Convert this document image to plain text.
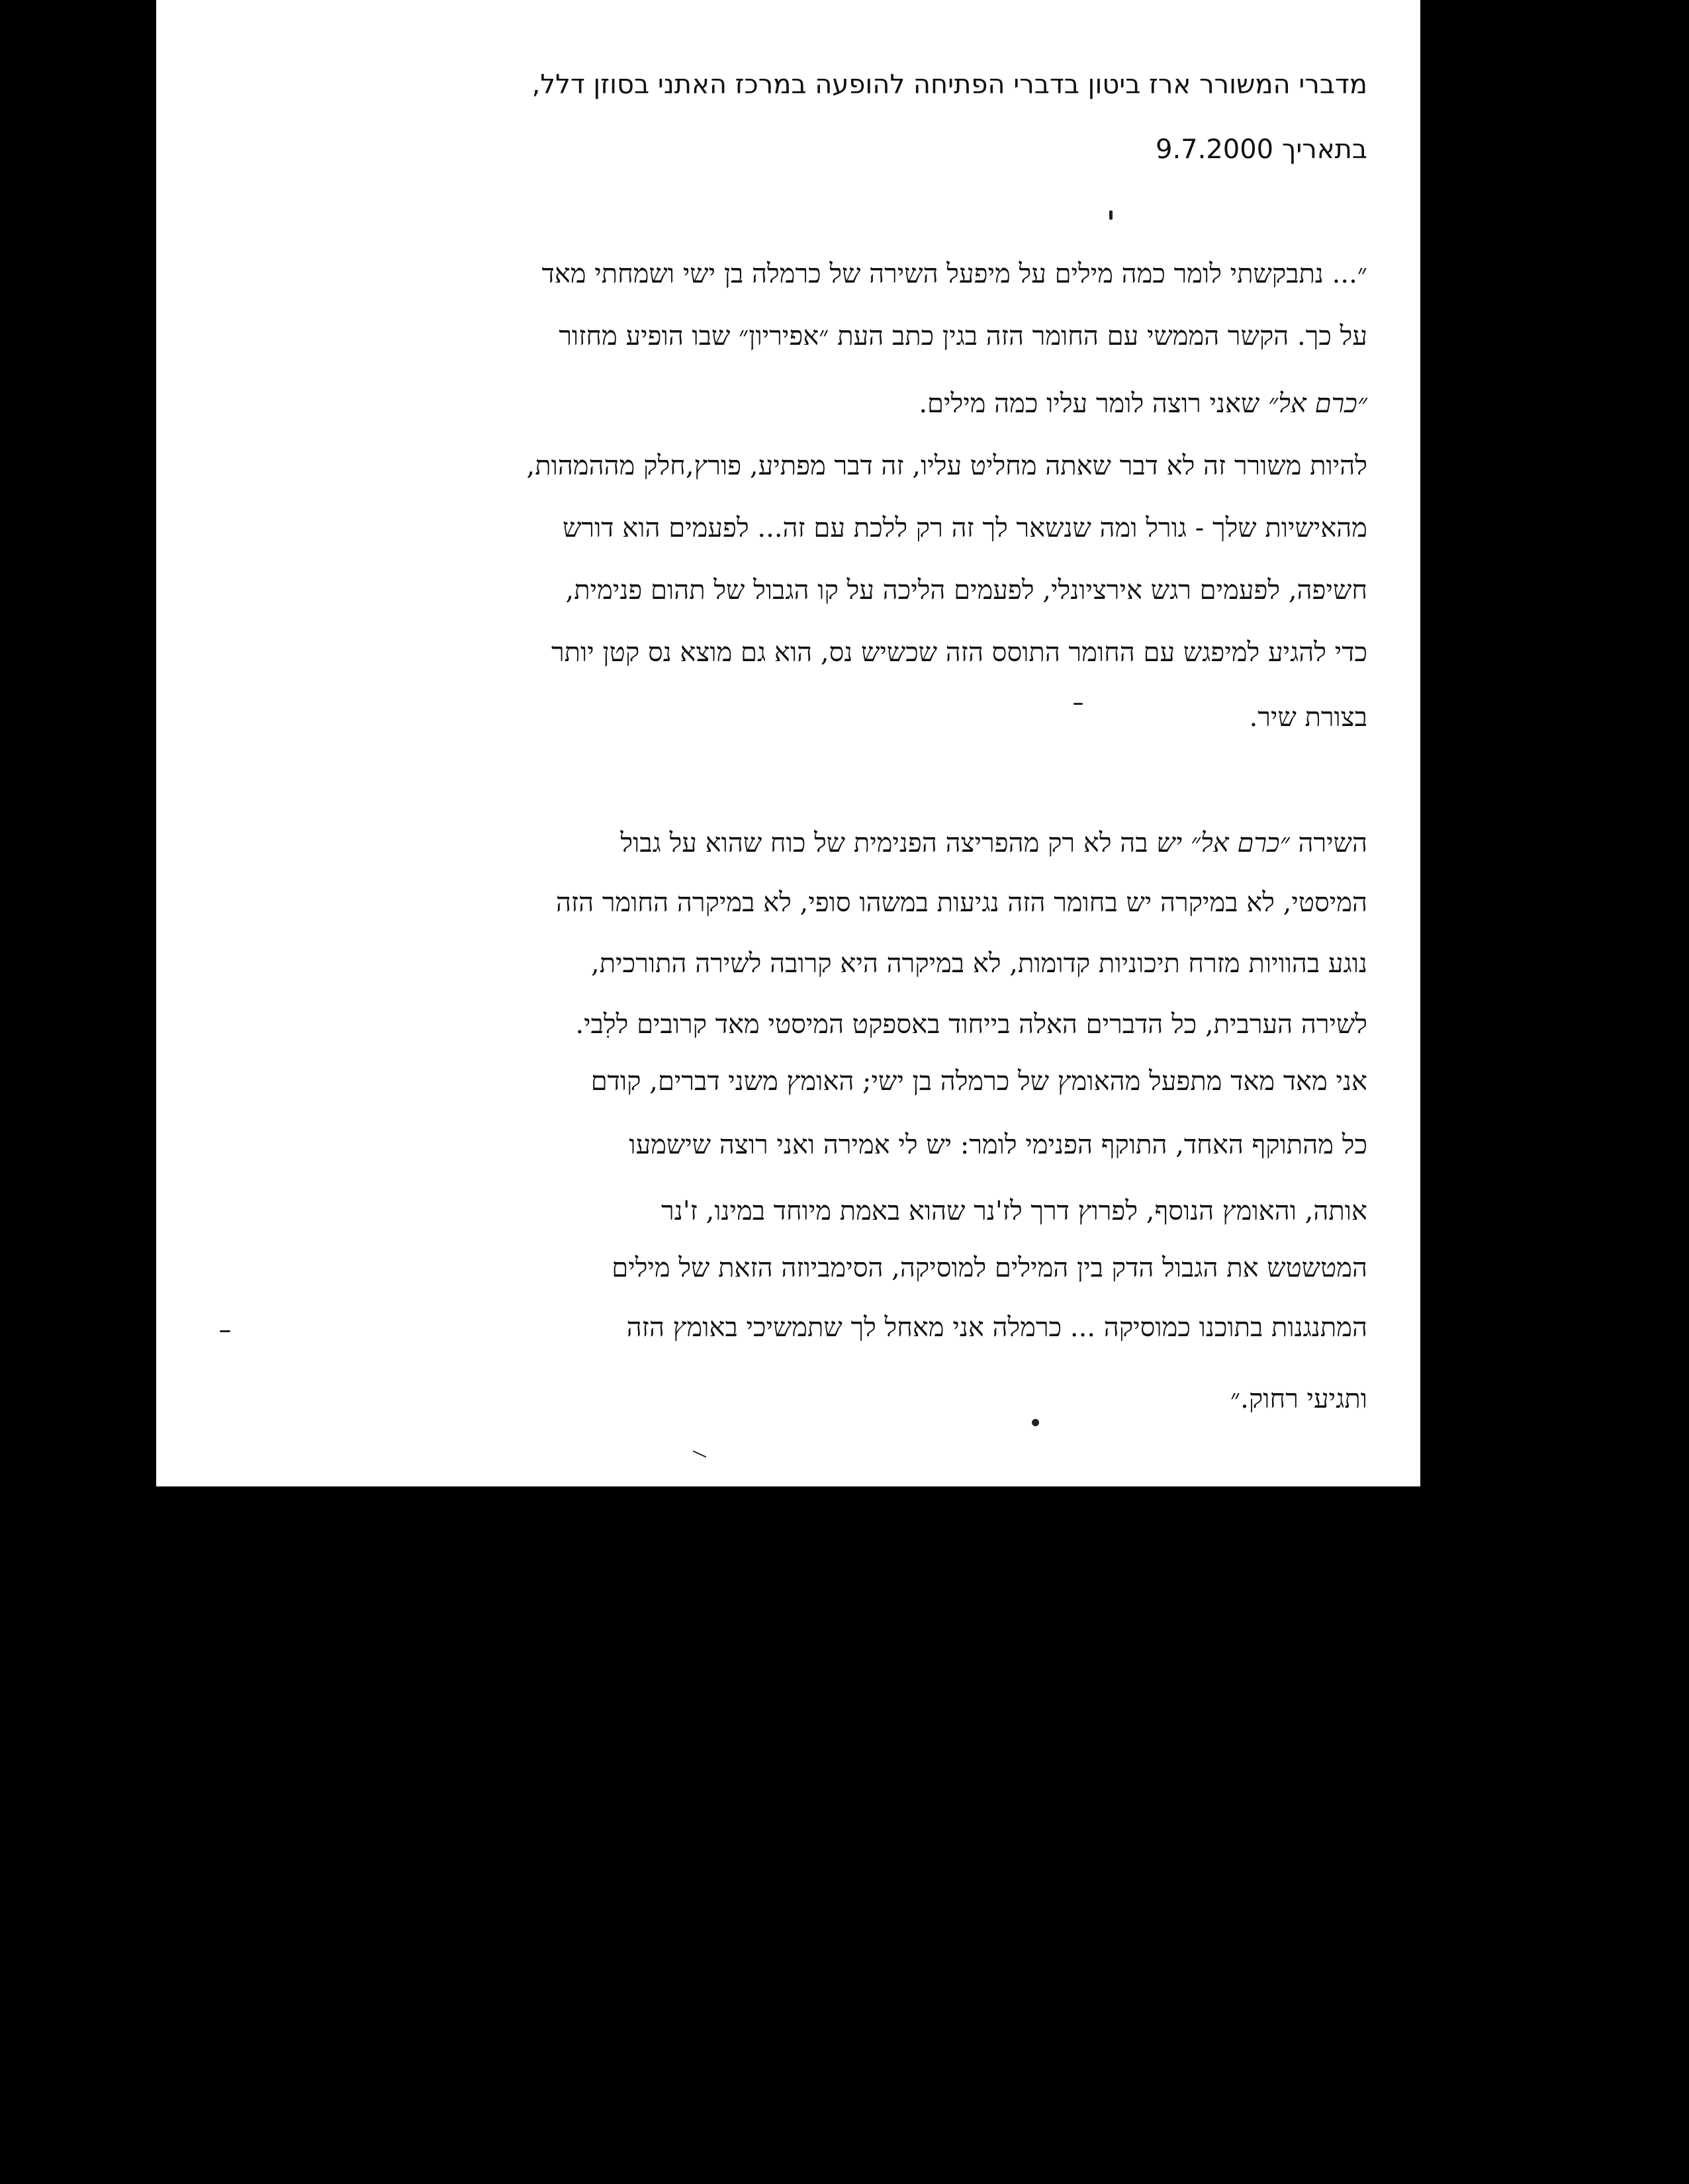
מדברי המשורר ארז ביטון בדברי הפתיחה להופעה במרכז האתני בסוזן דלל,
בתאריך 9.7.2000
״... נתבקשתי לומר כמה מילים על מיפעל השירה של כרמלה בן ישי ושמחתי מאד
על כך. הקשר הממשי עם החומר הזה בגין כתב העת ״אפיריון״ שבו הופיע מחזור
״כרם אל״ שאני רוצה לומר עליו כמה מילים.
להיות משורר זה לא דבר שאתה מחליט עליו, זה דבר מפתיע, פורץ,חלק מההמהות,
מהאישיות שלך - גורל ומה שנשאר לך זה רק ללכת עם זה... לפעמים הוא דורש
חשיפה, לפעמים רגש אירציונלי, לפעמים הליכה על קו הגבול של תהום פנימית,
כדי להגיע למיפגש עם החומר התוסס הזה שכשיש נס, הוא גם מוצא נס קטן יותר
בצורת שיר.
השירה ״כרם אל״ יש בה לא רק מהפריצה הפנימית של כוח שהוא על גבול
המיסטי, לא במיקרה יש בחומר הזה נגיעות במשהו סופי, לא במיקרה החומר הזה
נוגע בהוויות מזרח תיכוניות קדומות, לא במיקרה היא קרובה לשירה התורכית,
לשירה הערבית, כל הדברים האלה בייחוד באספקט המיסטי מאד קרובים ללִבי.
אני מאד מאד מתפעל מהאומץ של כרמלה בן ישי; האומץ משני דברים, קודם
כל מהתוקף האחד, התוקף הפנימי לומר: יש לי אמירה ואני רוצה שישמעו
אותה, והאומץ הנוסף, לפרוץ דרך לז'נר שהוא באמת מיוחד במינו, ז'נר
המטשטש את הגבול הדק בין המילים למוסיקה, הסימביוזה הזאת של מילים
המתנגנות בתוכנו כמוסיקה ... כרמלה אני מאחל לך שתמשיכי באומץ הזה
ותגיעי רחוק.״
